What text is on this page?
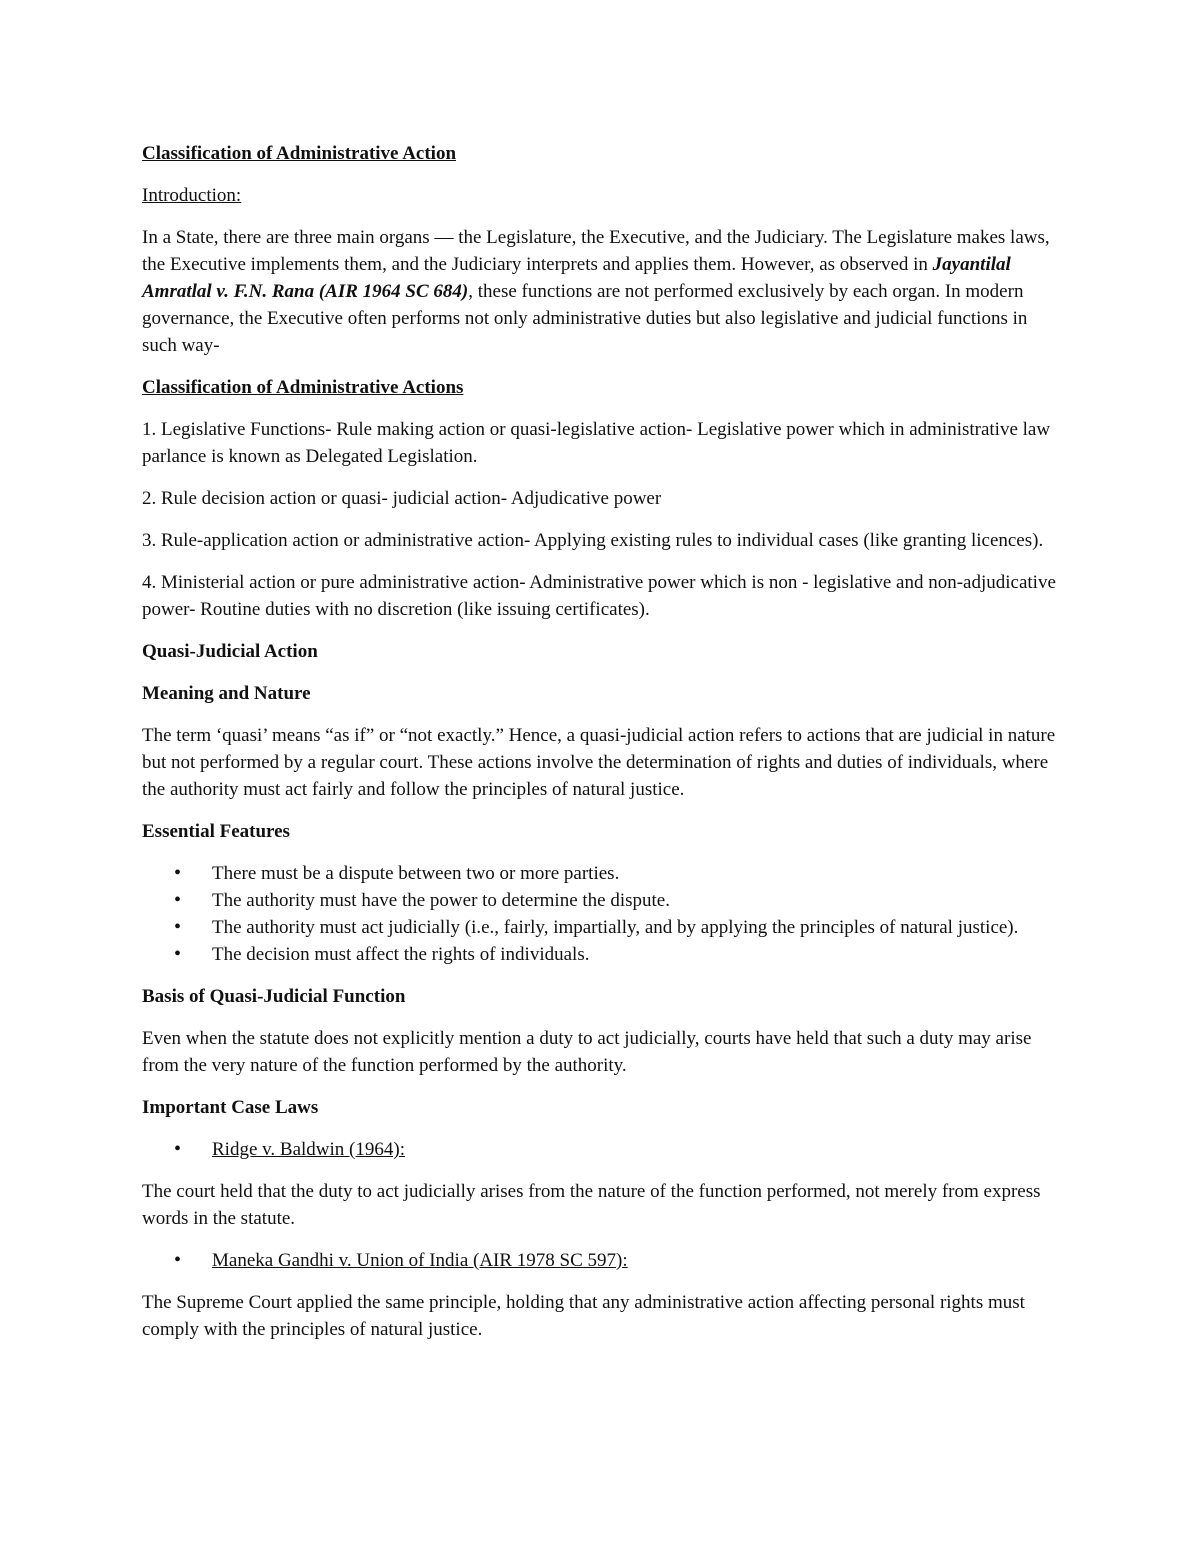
Classification of Administrative Action

Introduction:

In a State, there are three main organs — the Legislature, the Executive, and the Judiciary. The Legislature makes laws, the Executive implements them, and the Judiciary interprets and applies them. However, as observed in Jayantilal Amratlal v. F.N. Rana (AIR 1964 SC 684), these functions are not performed exclusively by each organ. In modern governance, the Executive often performs not only administrative duties but also legislative and judicial functions in such way-

Classification of Administrative Actions

1. Legislative Functions- Rule making action or quasi-legislative action- Legislative power which in administrative law parlance is known as Delegated Legislation.

2. Rule decision action or quasi- judicial action- Adjudicative power

3. Rule-application action or administrative action- Applying existing rules to individual cases (like granting licences).

4. Ministerial action or pure administrative action- Administrative power which is non - legislative and non-adjudicative power- Routine duties with no discretion (like issuing certificates).

Quasi-Judicial Action

Meaning and Nature

The term ‘quasi’ means “as if” or “not exactly.” Hence, a quasi-judicial action refers to actions that are judicial in nature but not performed by a regular court. These actions involve the determination of rights and duties of individuals, where the authority must act fairly and follow the principles of natural justice.

Essential Features

• There must be a dispute between two or more parties.
• The authority must have the power to determine the dispute.
• The authority must act judicially (i.e., fairly, impartially, and by applying the principles of natural justice).
• The decision must affect the rights of individuals.

Basis of Quasi-Judicial Function

Even when the statute does not explicitly mention a duty to act judicially, courts have held that such a duty may arise from the very nature of the function performed by the authority.

Important Case Laws

• Ridge v. Baldwin (1964):

The court held that the duty to act judicially arises from the nature of the function performed, not merely from express words in the statute.

• Maneka Gandhi v. Union of India (AIR 1978 SC 597):

The Supreme Court applied the same principle, holding that any administrative action affecting personal rights must comply with the principles of natural justice.
